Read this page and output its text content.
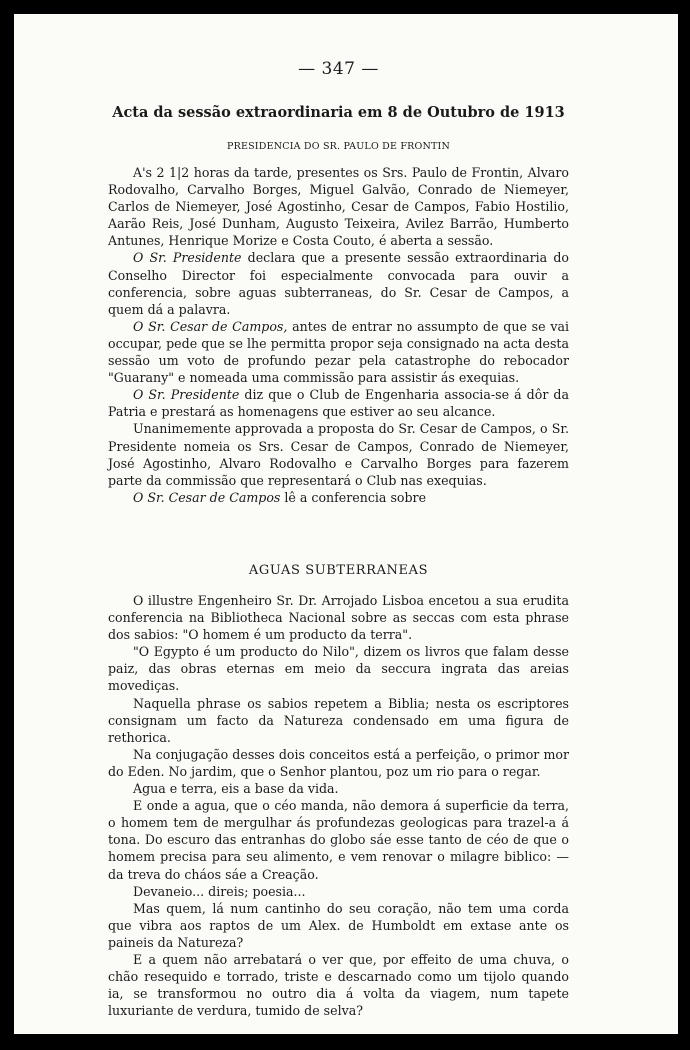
— 347 —
Acta da sessão extraordinaria em 8 de Outubro de 1913
PRESIDENCIA DO SR. PAULO DE FRONTIN

A's 2 1|2 horas da tarde, presentes os Srs. Paulo de Frontin, Alvaro Rodovalho, Carvalho Borges, Miguel Galvão, Conrado de Niemeyer, Carlos de Niemeyer, José Agostinho, Cesar de Campos, Fabio Hostilio, Aarão Reis, José Dunham, Augusto Teixeira, Avilez Barrão, Humberto Antunes, Henrique Morize e Costa Couto, é aberta a sessão.

O Sr. Presidente declara que a presente sessão extraordinaria do Conselho Director foi especialmente convocada para ouvir a conferencia, sobre aguas subterraneas, do Sr. Cesar de Campos, a quem dá a palavra.

O Sr. Cesar de Campos, antes de entrar no assumpto de que se vai occupar, pede que se lhe permitta propor seja consignado na acta desta sessão um voto de profundo pezar pela catastrophe do rebocador "Guarany" e nomeada uma commissão para assistir ás exequias.

O Sr. Presidente diz que o Club de Engenharia associa-se á dôr da Patria e prestará as homenagens que estiver ao seu alcance.

Unanimemente approvada a proposta do Sr. Cesar de Campos, o Sr. Presidente nomeia os Srs. Cesar de Campos, Conrado de Niemeyer, José Agostinho, Alvaro Rodovalho e Carvalho Borges para fazerem parte da commissão que representará o Club nas exequias.

O Sr. Cesar de Campos lê a conferencia sobre

AGUAS SUBTERRANEAS

O illustre Engenheiro Sr. Dr. Arrojado Lisboa encetou a sua erudita conferencia na Bibliotheca Nacional sobre as seccas com esta phrase dos sabios: "O homem é um producto da terra".

"O Egypto é um producto do Nilo", dizem os livros que falam desse paiz, das obras eternas em meio da seccura ingrata das areias movediças.

Naquella phrase os sabios repetem a Biblia; nesta os escriptores consignam um facto da Natureza condensado em uma figura de rethorica.

Na conjugação desses dois conceitos está a perfeição, o primor mor do Eden. No jardim, que o Senhor plantou, poz um rio para o regar.

Agua e terra, eis a base da vida.

E onde a agua, que o céo manda, não demora á superficie da terra, o homem tem de mergulhar ás profundezas geologicas para trazel-a á tona. Do escuro das entranhas do globo sáe esse tanto de céo de que o homem precisa para seu alimento, e vem renovar o milagre biblico: — da treva do cháos sáe a Creação.

Devaneio... direis; poesia...

Mas quem, lá num cantinho do seu coração, não tem uma corda que vibra aos raptos de um Alex. de Humboldt em extase ante os paineis da Natureza?

E a quem não arrebatará o ver que, por effeito de uma chuva, o chão resequido e torrado, triste e descarnado como um tijolo quando ia, se transformou no outro dia á volta da viagem, num tapete luxuriante de verdura, tumido de selva?
